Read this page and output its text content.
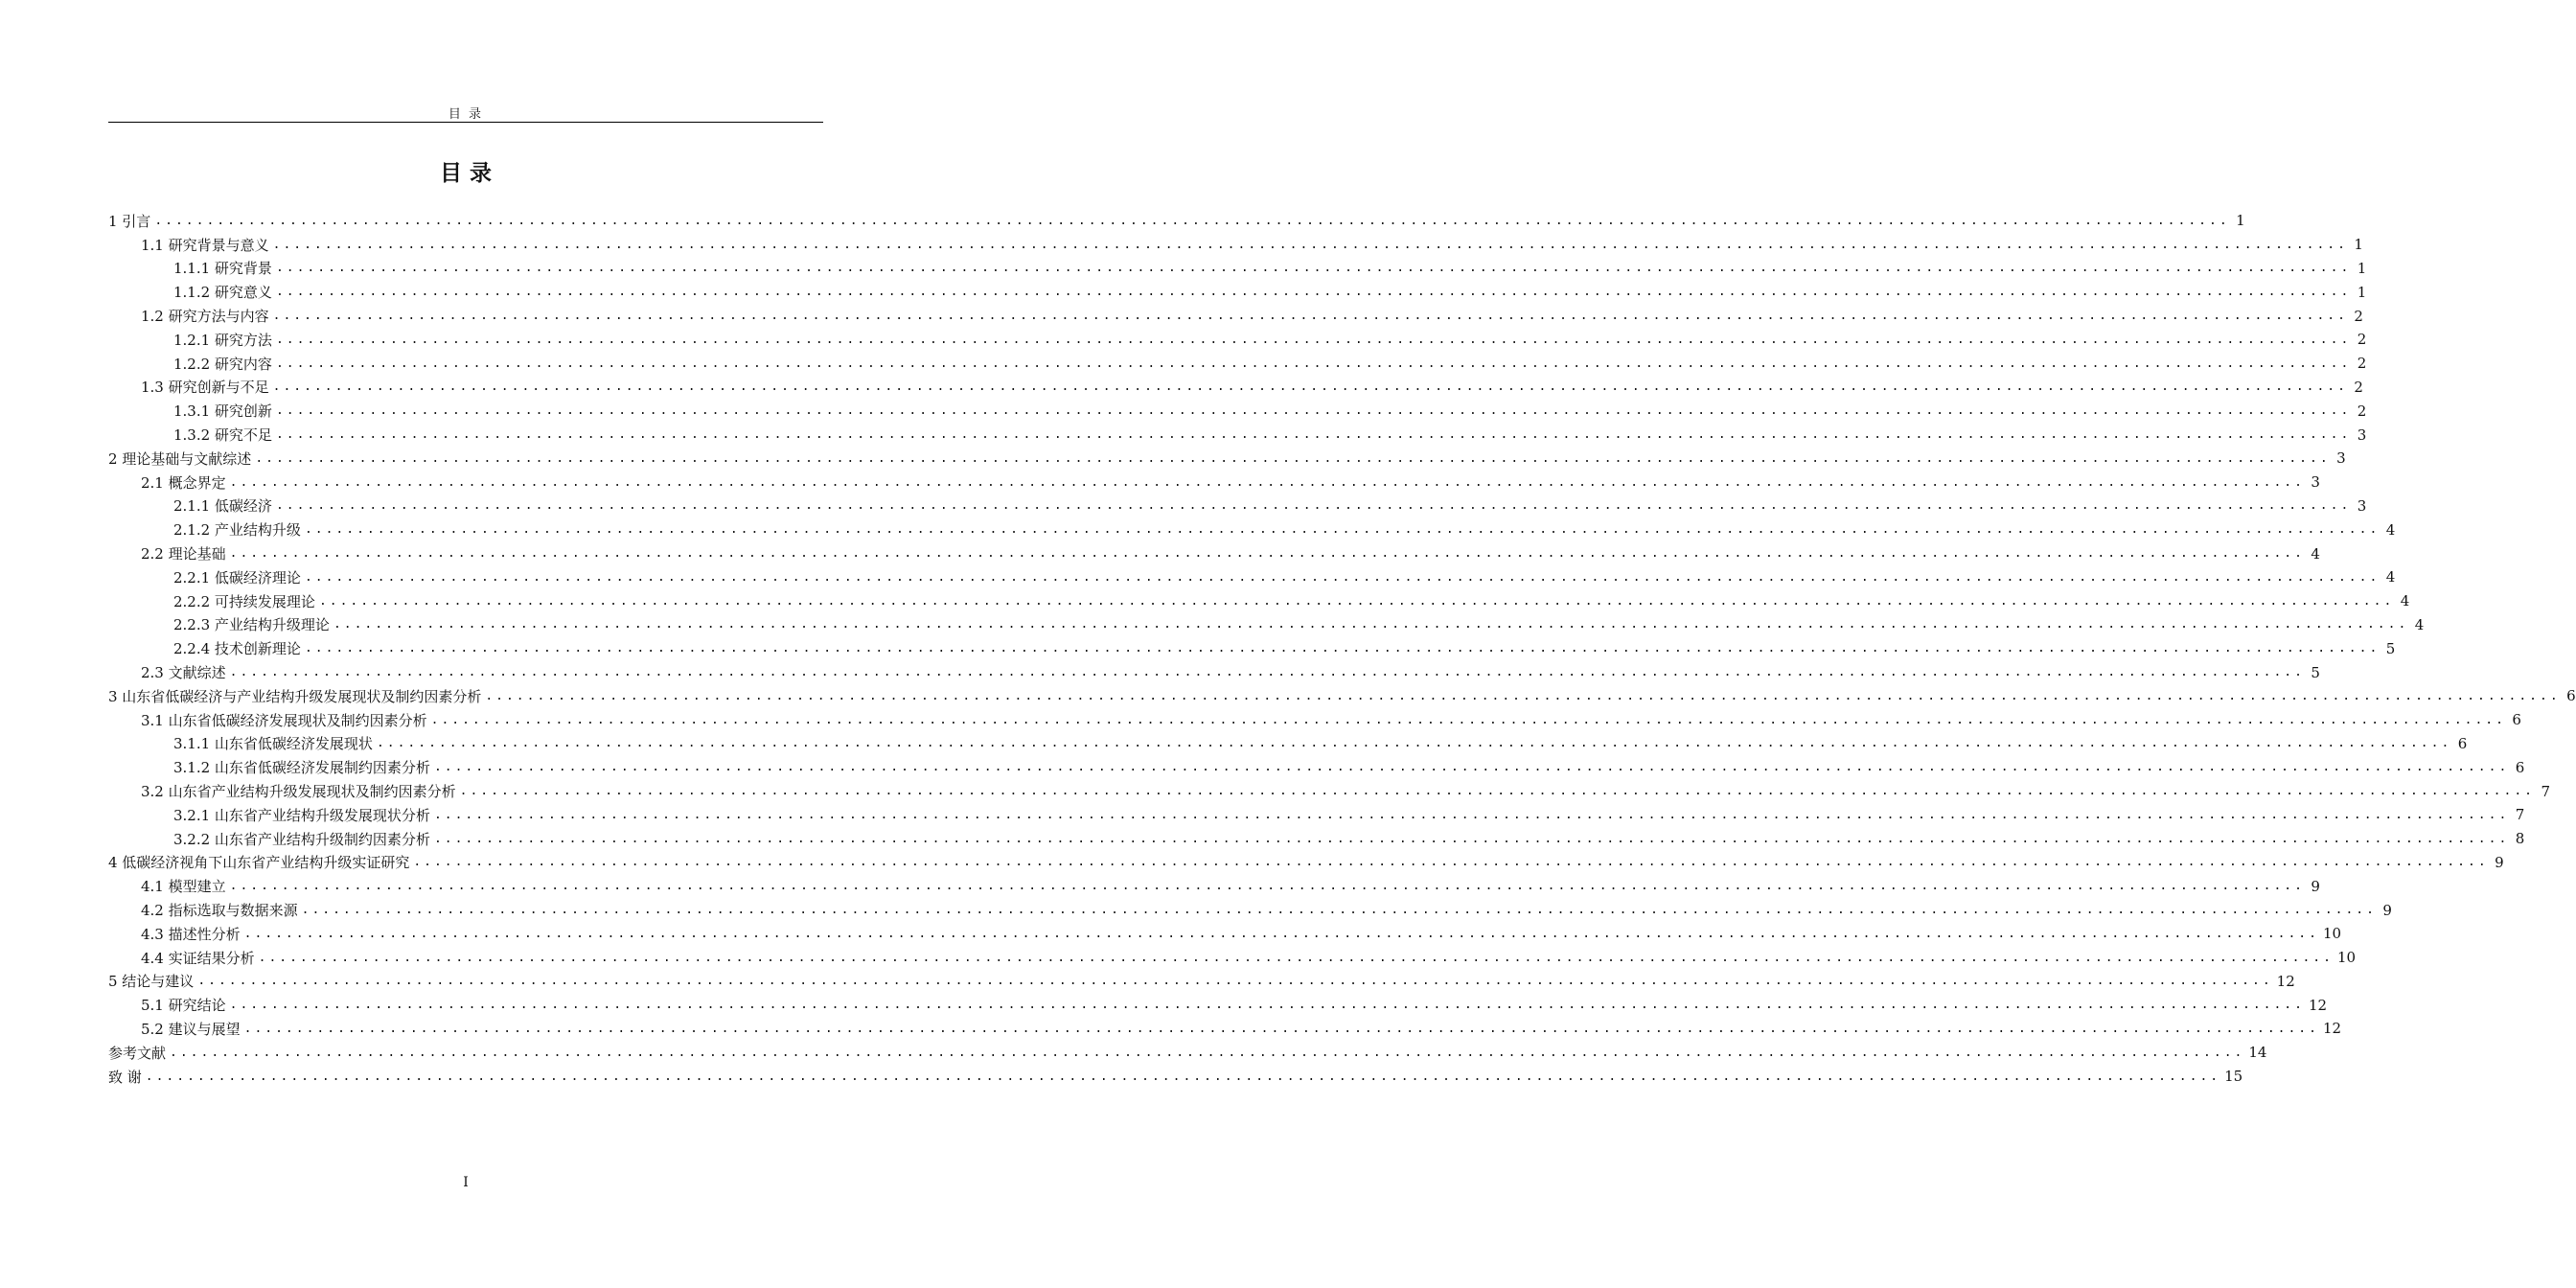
目 录
目 录
1 引言 ........................................................................................................................................................................................................ 1
1.1 研究背景与意义 ........................................................................................................................................................................................................ 1
1.1.1 研究背景 ........................................................................................................................................................................................................ 1
1.1.2 研究意义 ........................................................................................................................................................................................................ 1
1.2 研究方法与内容 ........................................................................................................................................................................................................ 2
1.2.1 研究方法 ........................................................................................................................................................................................................ 2
1.2.2 研究内容 ........................................................................................................................................................................................................ 2
1.3 研究创新与不足 ........................................................................................................................................................................................................ 2
1.3.1 研究创新 ........................................................................................................................................................................................................ 2
1.3.2 研究不足 ........................................................................................................................................................................................................ 3
2 理论基础与文献综述 ........................................................................................................................................................................................................ 3
2.1 概念界定 ........................................................................................................................................................................................................ 3
2.1.1 低碳经济 ........................................................................................................................................................................................................ 3
2.1.2 产业结构升级 ........................................................................................................................................................................................................ 4
2.2 理论基础 ........................................................................................................................................................................................................ 4
2.2.1 低碳经济理论 ........................................................................................................................................................................................................ 4
2.2.2 可持续发展理论 ........................................................................................................................................................................................................ 4
2.2.3 产业结构升级理论 ........................................................................................................................................................................................................ 4
2.2.4 技术创新理论 ........................................................................................................................................................................................................ 5
2.3 文献综述 ........................................................................................................................................................................................................ 5
3 山东省低碳经济与产业结构升级发展现状及制约因素分析 ........................................................................................................................................................................................................ 6
3.1 山东省低碳经济发展现状及制约因素分析 ........................................................................................................................................................................................................ 6
3.1.1 山东省低碳经济发展现状 ........................................................................................................................................................................................................ 6
3.1.2 山东省低碳经济发展制约因素分析 ........................................................................................................................................................................................................ 6
3.2 山东省产业结构升级发展现状及制约因素分析 ........................................................................................................................................................................................................ 7
3.2.1 山东省产业结构升级发展现状分析 ........................................................................................................................................................................................................ 7
3.2.2 山东省产业结构升级制约因素分析 ........................................................................................................................................................................................................ 8
4 低碳经济视角下山东省产业结构升级实证研究 ........................................................................................................................................................................................................ 9
4.1 模型建立 ........................................................................................................................................................................................................ 9
4.2 指标选取与数据来源 ........................................................................................................................................................................................................ 9
4.3 描述性分析 ........................................................................................................................................................................................................ 10
4.4 实证结果分析 ........................................................................................................................................................................................................ 10
5 结论与建议 ........................................................................................................................................................................................................ 12
5.1 研究结论 ........................................................................................................................................................................................................ 12
5.2 建议与展望 ........................................................................................................................................................................................................ 12
参考文献 ........................................................................................................................................................................................................ 14
致 谢 ........................................................................................................................................................................................................ 15
I
